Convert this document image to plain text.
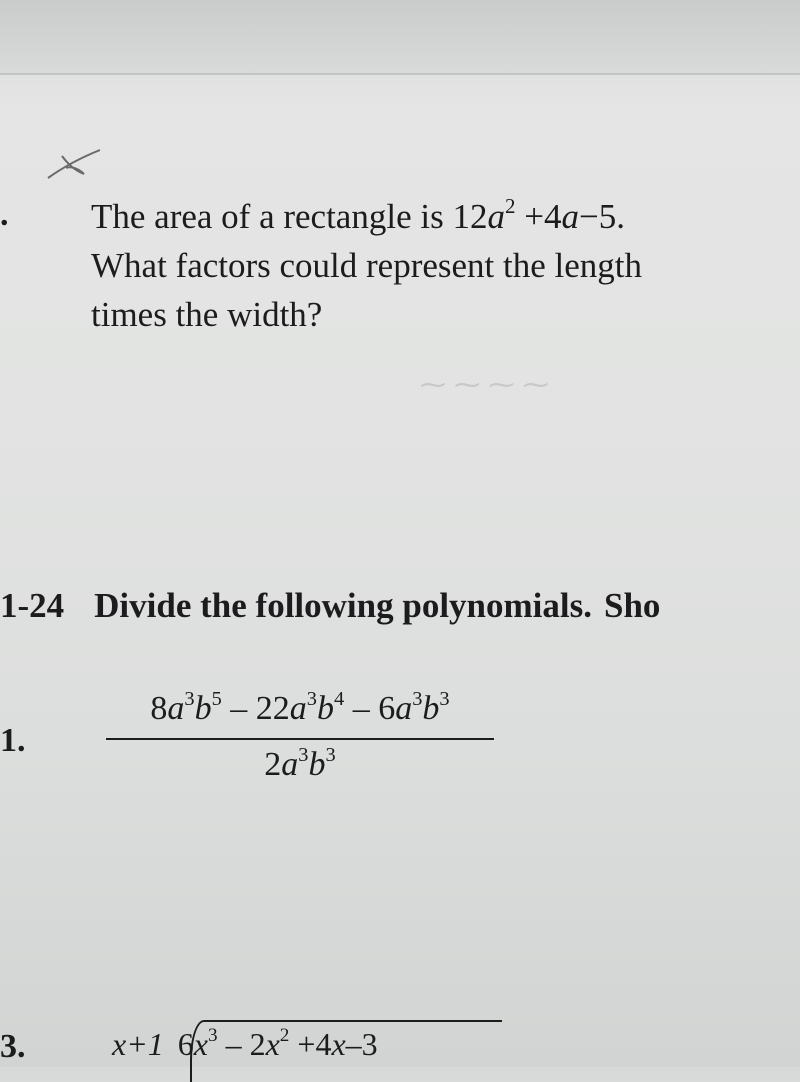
⁓ ⁓ ⁓ ⁓
. The area of a rectangle is $12a^2 +4a-5$.
What factors could represent the length
times the width?
1-24 Divide the following polynomials. Sho
1.
$8a^3b^5 - 22a^3b^4 - 6a^3b^3$
$2a^3b^3$
3.	x+1 $6x^3 - 2x^2 +4x-3$
